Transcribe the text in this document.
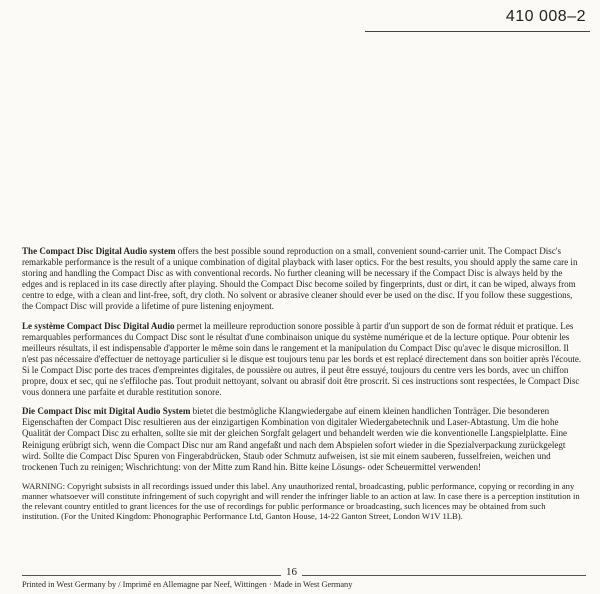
410 008–2

The Compact Disc Digital Audio system offers the best possible sound reproduction on a small, convenient sound-carrier unit. The Compact Disc's remarkable performance is the result of a unique combination of digital playback with laser optics. For the best results, you should apply the same care in storing and handling the Compact Disc as with conventional records. No further cleaning will be necessary if the Compact Disc is always held by the edges and is replaced in its case directly after playing. Should the Compact Disc become soiled by fingerprints, dust or dirt, it can be wiped, always from centre to edge, with a clean and lint-free, soft, dry cloth. No solvent or abrasive cleaner should ever be used on the disc. If you follow these suggestions, the Compact Disc will provide a lifetime of pure listening enjoyment.

Le système Compact Disc Digital Audio permet la meilleure reproduction sonore possible à partir d'un support de son de format réduit et pratique. Les remarquables performances du Compact Disc sont le résultat d'une combinaison unique du système numérique et de la lecture optique. Pour obtenir les meilleurs résultats, il est indispensable d'apporter le même soin dans le rangement et la manipulation du Compact Disc qu'avec le disque microsillon. Il n'est pas nécessaire d'effectuer de nettoyage particulier si le disque est toujours tenu par les bords et est replacé directement dans son boitier après l'écoute. Si le Compact Disc porte des traces d'empreintes digitales, de poussière ou autres, il peut être essuyé, toujours du centre vers les bords, avec un chiffon propre, doux et sec, qui ne s'effiloche pas. Tout produit nettoyant, solvant ou abrasif doit être proscrit. Si ces instructions sont respectées, le Compact Disc vous donnera une parfaite et durable restitution sonore.

Die Compact Disc mit Digital Audio System bietet die bestmögliche Klangwiedergabe auf einem kleinen handlichen Tonträger. Die besonderen Eigenschaften der Compact Disc resultieren aus der einzigartigen Kombination von digitaler Wiedergabetechnik und Laser-Abtastung. Um die hohe Qualität der Compact Disc zu erhalten, sollte sie mit der gleichen Sorgfalt gelagert und behandelt werden wie die konventionelle Langspielplatte. Eine Reinigung erübrigt sich, wenn die Compact Disc nur am Rand angefaßt und nach dem Abspielen sofort wieder in die Spezialverpackung zurückgelegt wird. Sollte die Compact Disc Spuren von Fingerabdrücken, Staub oder Schmutz aufweisen, ist sie mit einem sauberen, fusselfreien, weichen und trockenen Tuch zu reinigen; Wischrichtung: von der Mitte zum Rand hin. Bitte keine Lösungs- oder Scheuermittel verwenden!

WARNING: Copyright subsists in all recordings issued under this label. Any unauthorized rental, broadcasting, public performance, copying or recording in any manner whatsoever will constitute infringement of such copyright and will render the infringer liable to an action at law. In case there is a perception institution in the relevant country entitled to grant licences for the use of recordings for public performance or broadcasting, such licences may be obtained from such institution. (For the United Kingdom: Phonographic Performance Ltd, Ganton House, 14-22 Ganton Street, London W1V 1LB).

16
Printed in West Germany by / Imprimé en Allemagne par Neef, Wittingen · Made in West Germany
